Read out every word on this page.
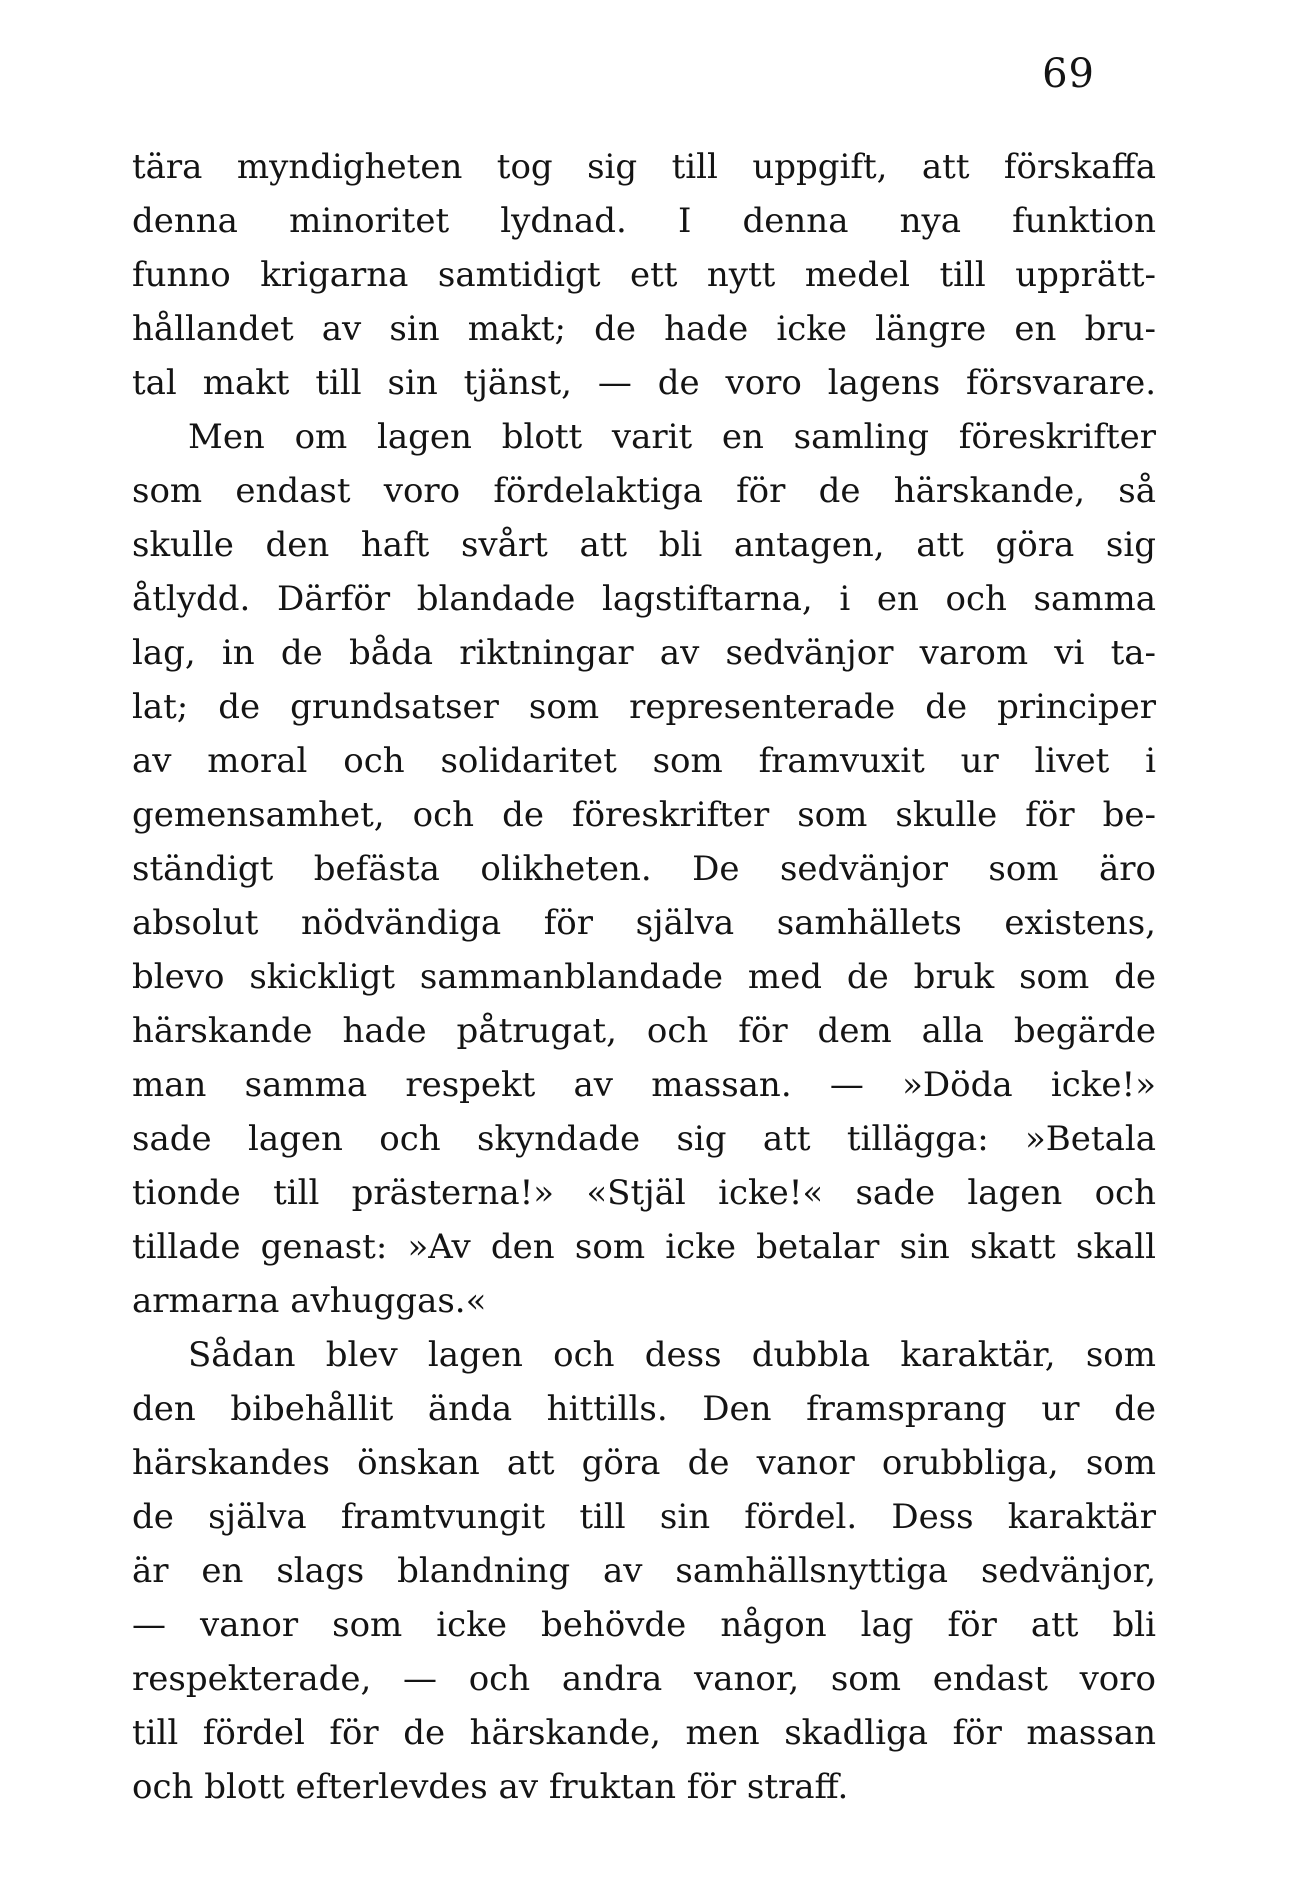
69
tära myndigheten tog sig till uppgift, att förskaffa
denna minoritet lydnad. I denna nya funktion
funno krigarna samtidigt ett nytt medel till upprätt-
hållandet av sin makt; de hade icke längre en bru-
tal makt till sin tjänst, — de voro lagens försvarare.
Men om lagen blott varit en samling föreskrifter
som endast voro fördelaktiga för de härskande, så
skulle den haft svårt att bli antagen, att göra sig
åtlydd. Därför blandade lagstiftarna, i en och samma
lag, in de båda riktningar av sedvänjor varom vi ta-
lat; de grundsatser som representerade de principer
av moral och solidaritet som framvuxit ur livet i
gemensamhet, och de föreskrifter som skulle för be-
ständigt befästa olikheten. De sedvänjor som äro
absolut nödvändiga för själva samhällets existens,
blevo skickligt sammanblandade med de bruk som de
härskande hade påtrugat, och för dem alla begärde
man samma respekt av massan. — »Döda icke!»
sade lagen och skyndade sig att tillägga: »Betala
tionde till prästerna!» «Stjäl icke!« sade lagen och
tillade genast: »Av den som icke betalar sin skatt skall
armarna avhuggas.«
Sådan blev lagen och dess dubbla karaktär, som
den bibehållit ända hittills. Den framsprang ur de
härskandes önskan att göra de vanor orubbliga, som
de själva framtvungit till sin fördel. Dess karaktär
är en slags blandning av samhällsnyttiga sedvänjor,
— vanor som icke behövde någon lag för att bli
respekterade, — och andra vanor, som endast voro
till fördel för de härskande, men skadliga för massan
och blott efterlevdes av fruktan för straff.
